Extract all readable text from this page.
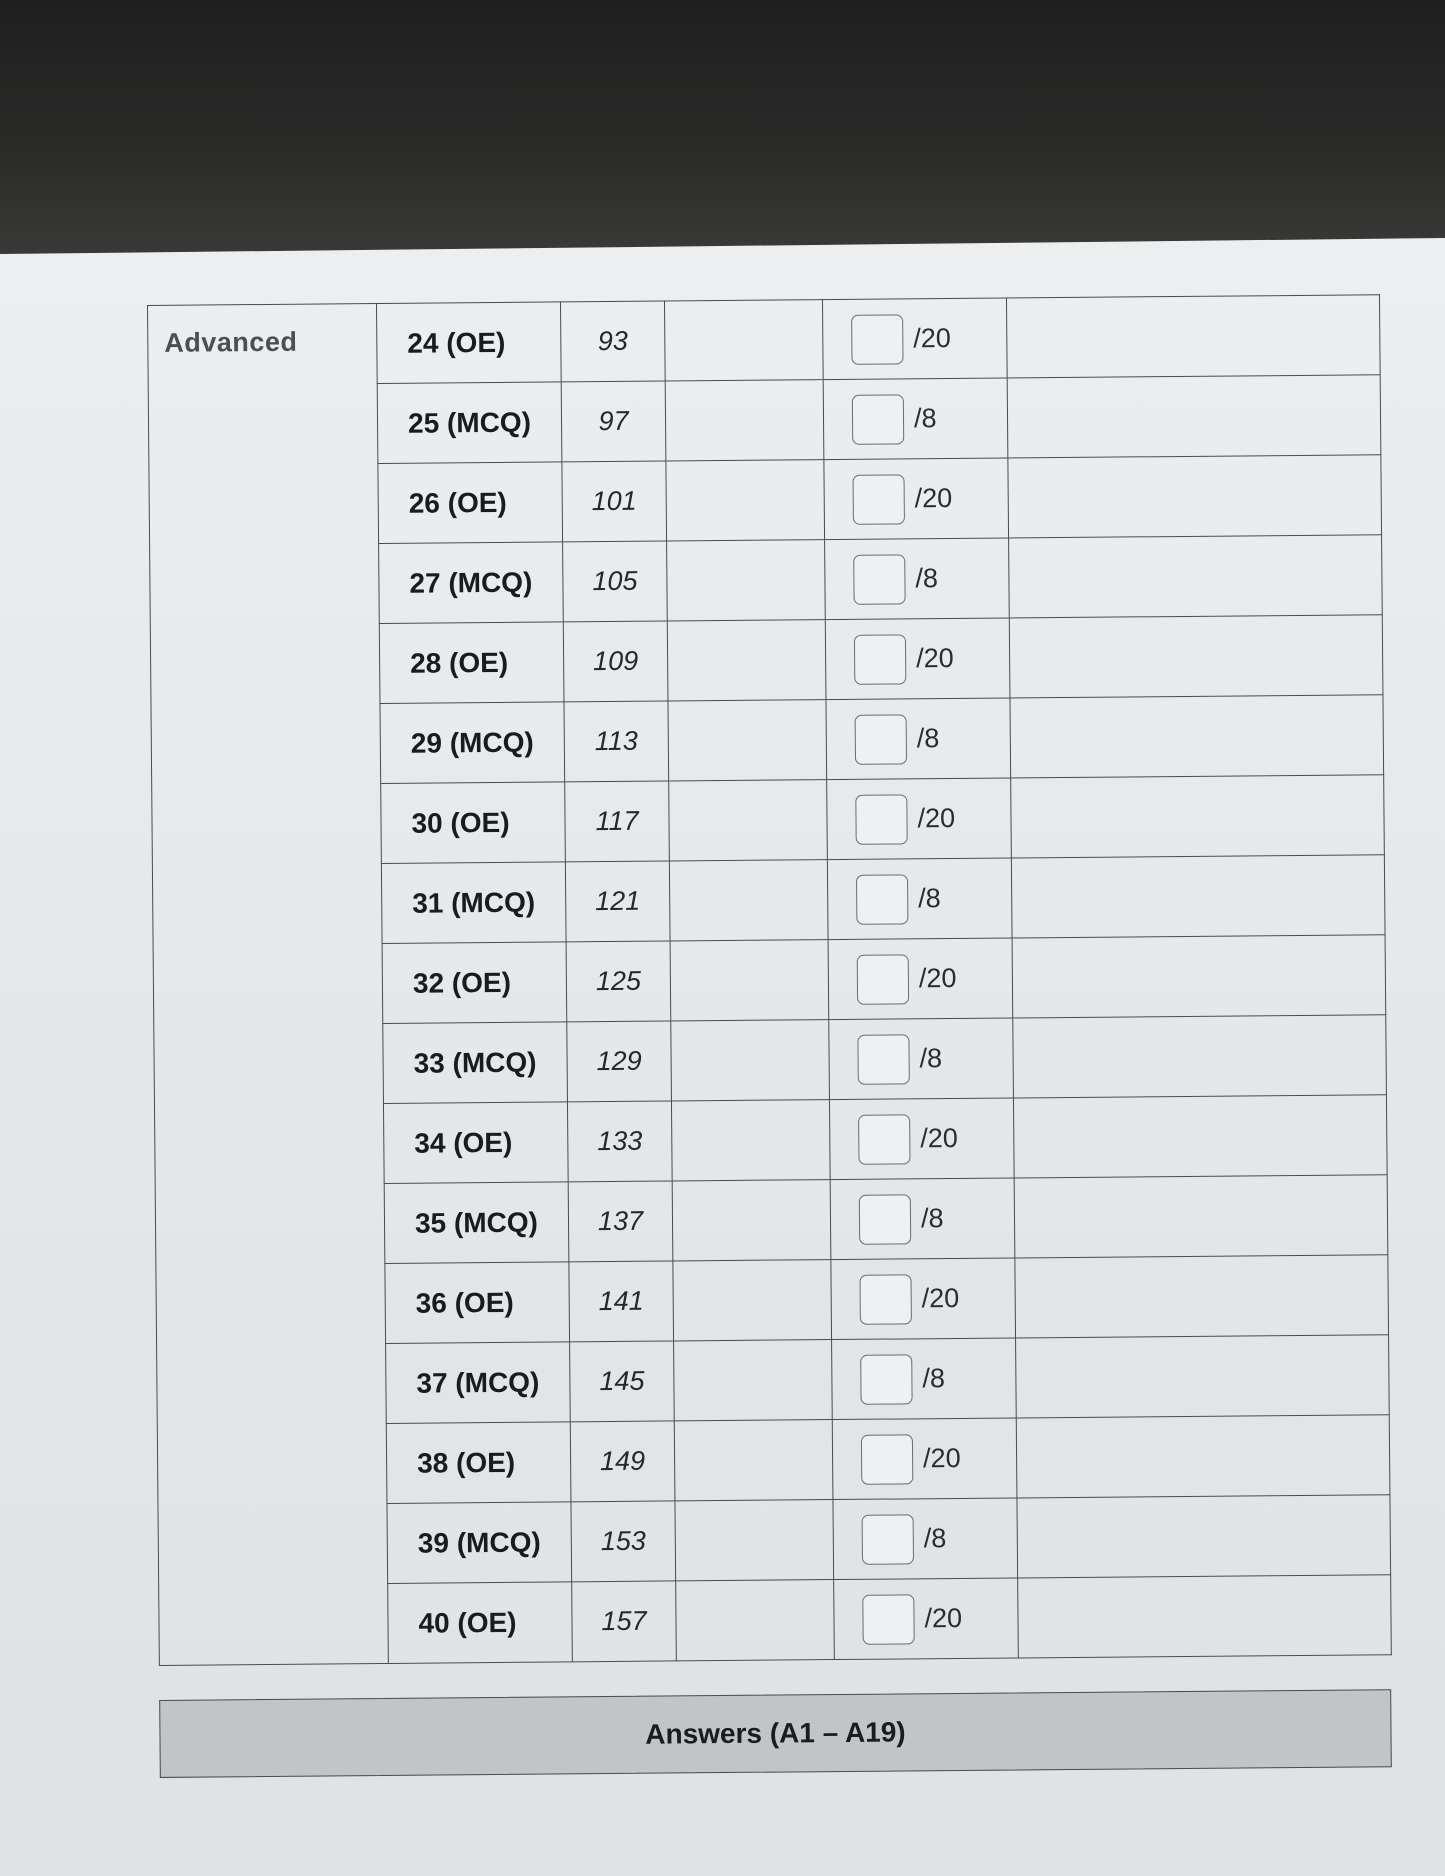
Advanced	24 (OE)	93		/20	

	25 (MCQ)	97		/8	

	26 (OE)	101		/20	

	27 (MCQ)	105		/8	

	28 (OE)	109		/20	

	29 (MCQ)	113		/8	

	30 (OE)	117		/20	

	31 (MCQ)	121		/8	

	32 (OE)	125		/20	

	33 (MCQ)	129		/8	

	34 (OE)	133		/20	

	35 (MCQ)	137		/8	

	36 (OE)	141		/20	

	37 (MCQ)	145		/8	

	38 (OE)	149		/20	

	39 (MCQ)	153		/8	

	40 (OE)	157		/20	

Answers (A1 – A19)
